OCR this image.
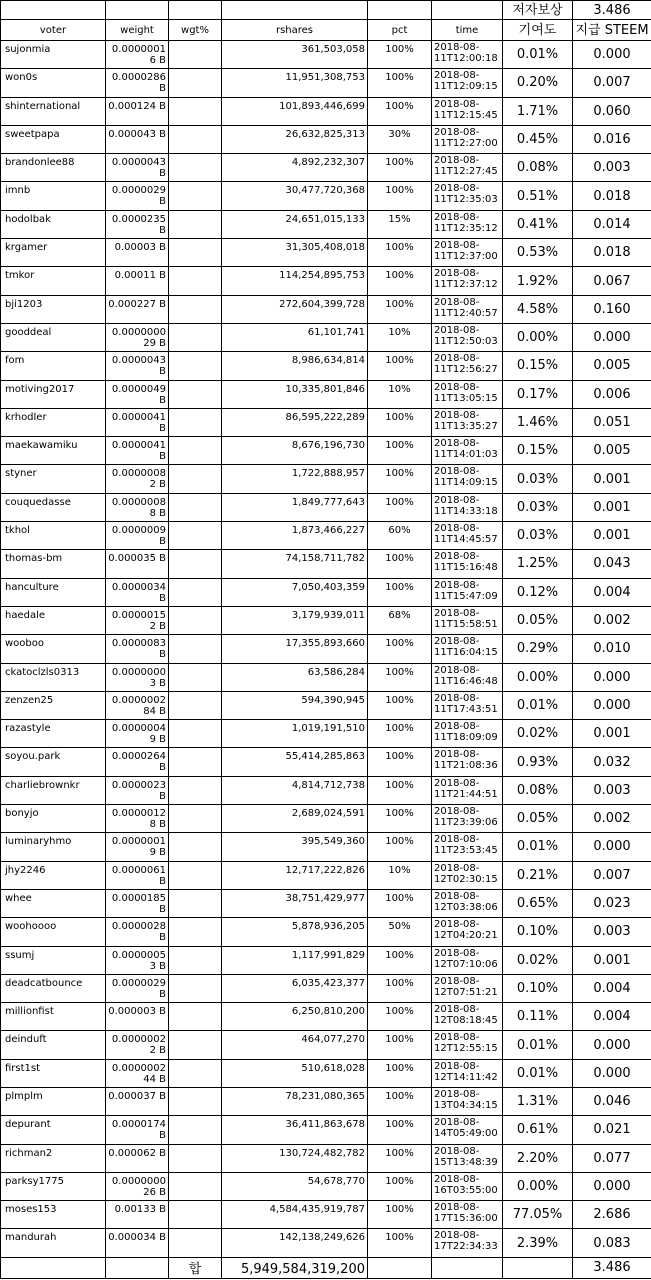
						저자보상	3.486
voter	weight	wgt%	rshares	pct	time	기여도	지급 STEEM
sujonmia	0.00000016 B		361,503,058	100%	2018-08-11T12:00:18	0.01%	0.000
won0s	0.0000286 B		11,951,308,753	100%	2018-08-11T12:09:15	0.20%	0.007
shinternational	0.000124 B		101,893,446,699	100%	2018-08-11T12:15:45	1.71%	0.060
sweetpapa	0.000043 B		26,632,825,313	30%	2018-08-11T12:27:00	0.45%	0.016
brandonlee88	0.0000043 B		4,892,232,307	100%	2018-08-11T12:27:45	0.08%	0.003
imnb	0.0000029 B		30,477,720,368	100%	2018-08-11T12:35:03	0.51%	0.018
hodolbak	0.0000235 B		24,651,015,133	15%	2018-08-11T12:35:12	0.41%	0.014
krgamer	0.00003 B		31,305,408,018	100%	2018-08-11T12:37:00	0.53%	0.018
tmkor	0.00011 B		114,254,895,753	100%	2018-08-11T12:37:12	1.92%	0.067
bji1203	0.000227 B		272,604,399,728	100%	2018-08-11T12:40:57	4.58%	0.160
gooddeal	0.000000029 B		61,101,741	10%	2018-08-11T12:50:03	0.00%	0.000
fom	0.0000043 B		8,986,634,814	100%	2018-08-11T12:56:27	0.15%	0.005
motiving2017	0.0000049 B		10,335,801,846	10%	2018-08-11T13:05:15	0.17%	0.006
krhodler	0.0000041 B		86,595,222,289	100%	2018-08-11T13:35:27	1.46%	0.051
maekawamiku	0.0000041 B		8,676,196,730	100%	2018-08-11T14:01:03	0.15%	0.005
styner	0.00000082 B		1,722,888,957	100%	2018-08-11T14:09:15	0.03%	0.001
couquedasse	0.00000088 B		1,849,777,643	100%	2018-08-11T14:33:18	0.03%	0.001
tkhol	0.0000009 B		1,873,466,227	60%	2018-08-11T14:45:57	0.03%	0.001
thomas-bm	0.000035 B		74,158,711,782	100%	2018-08-11T15:16:48	1.25%	0.043
hanculture	0.0000034 B		7,050,403,359	100%	2018-08-11T15:47:09	0.12%	0.004
haedale	0.00000152 B		3,179,939,011	68%	2018-08-11T15:58:51	0.05%	0.002
wooboo	0.0000083 B		17,355,893,660	100%	2018-08-11T16:04:15	0.29%	0.010
ckatoclzls0313	0.00000003 B		63,586,284	100%	2018-08-11T16:46:48	0.00%	0.000
zenzen25	0.000000284 B		594,390,945	100%	2018-08-11T17:43:51	0.01%	0.000
razastyle	0.00000049 B		1,019,191,510	100%	2018-08-11T18:09:09	0.02%	0.001
soyou.park	0.0000264 B		55,414,285,863	100%	2018-08-11T21:08:36	0.93%	0.032
charliebrownkr	0.0000023 B		4,814,712,738	100%	2018-08-11T21:44:51	0.08%	0.003
bonyjo	0.00000128 B		2,689,024,591	100%	2018-08-11T23:39:06	0.05%	0.002
luminaryhmo	0.00000019 B		395,549,360	100%	2018-08-11T23:53:45	0.01%	0.000
jhy2246	0.0000061 B		12,717,222,826	10%	2018-08-12T02:30:15	0.21%	0.007
whee	0.0000185 B		38,751,429,977	100%	2018-08-12T03:38:06	0.65%	0.023
woohoooo	0.0000028 B		5,878,936,205	50%	2018-08-12T04:20:21	0.10%	0.003
ssumj	0.00000053 B		1,117,991,829	100%	2018-08-12T07:10:06	0.02%	0.001
deadcatbounce	0.0000029 B		6,035,423,377	100%	2018-08-12T07:51:21	0.10%	0.004
millionfist	0.000003 B		6,250,810,200	100%	2018-08-12T08:18:45	0.11%	0.004
deinduft	0.00000022 B		464,077,270	100%	2018-08-12T12:55:15	0.01%	0.000
first1st	0.000000244 B		510,618,028	100%	2018-08-12T14:11:42	0.01%	0.000
plmplm	0.000037 B		78,231,080,365	100%	2018-08-13T04:34:15	1.31%	0.046
depurant	0.0000174 B		36,411,863,678	100%	2018-08-14T05:49:00	0.61%	0.021
richman2	0.000062 B		130,724,482,782	100%	2018-08-15T13:48:39	2.20%	0.077
parksy1775	0.000000026 B		54,678,770	100%	2018-08-16T03:55:00	0.00%	0.000
moses153	0.00133 B		4,584,435,919,787	100%	2018-08-17T15:36:00	77.05%	2.686
mandurah	0.000034 B		142,138,249,626	100%	2018-08-17T22:34:33	2.39%	0.083
		합	5,949,584,319,200				3.486
